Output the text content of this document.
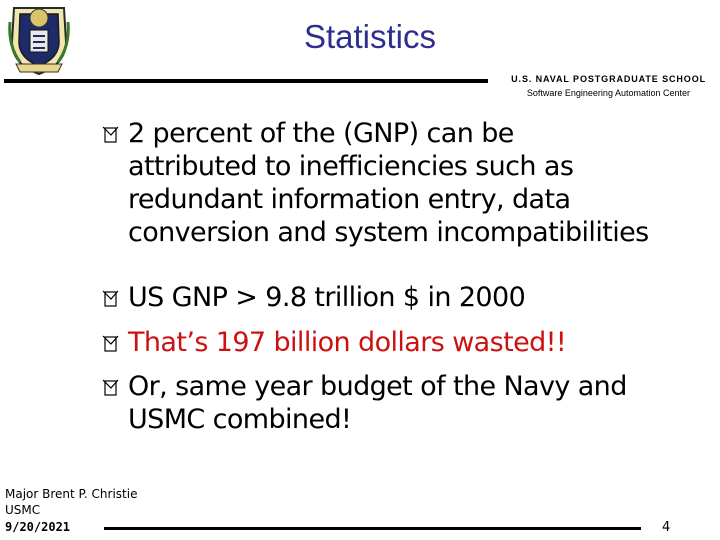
Statistics
U.S. NAVAL POSTGRADUATE SCHOOL
Software Engineering Automation Center
2 percent of the (GNP) can be
attributed to inefficiencies such as
redundant information entry, data
conversion and system incompatibilities
US GNP > 9.8 trillion $ in 2000
That’s 197 billion dollars wasted!!
Or, same year budget of the Navy and
USMC combined!
Major Brent P. Christie
USMC
9/20/2021	4
